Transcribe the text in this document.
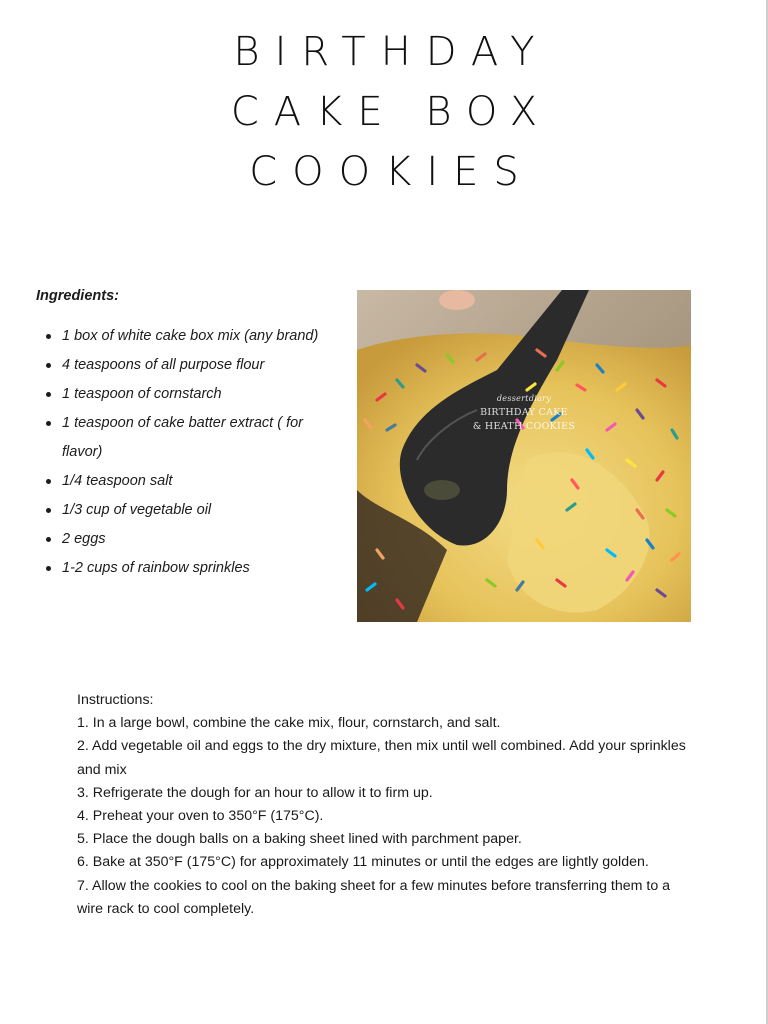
BIRTHDAY
CAKE BOX
COOKIES

Ingredients:

1 box of white cake box mix (any brand)
4 teaspoons of all purpose flour
1 teaspoon of cornstarch
1 teaspoon of cake batter extract ( for flavor)
1/4 teaspoon salt
1/3 cup of vegetable oil
2 eggs
1-2 cups of rainbow sprinkles
dessertdiary
BIRTHDAY CAKE
& HEATH COOKIES

Instructions:

1. In a large bowl, combine the cake mix, flour, cornstarch, and salt.

2. Add vegetable oil and eggs to the dry mixture, then mix until well combined. Add your sprinkles and mix

3. Refrigerate the dough for an hour to allow it to firm up.

4. Preheat your oven to 350°F (175°C).

5. Place the dough balls on a baking sheet lined with parchment paper.

6. Bake at 350°F (175°C) for approximately 11 minutes or until the edges are lightly golden.

7. Allow the cookies to cool on the baking sheet for a few minutes before transferring them to a wire rack to cool completely.
